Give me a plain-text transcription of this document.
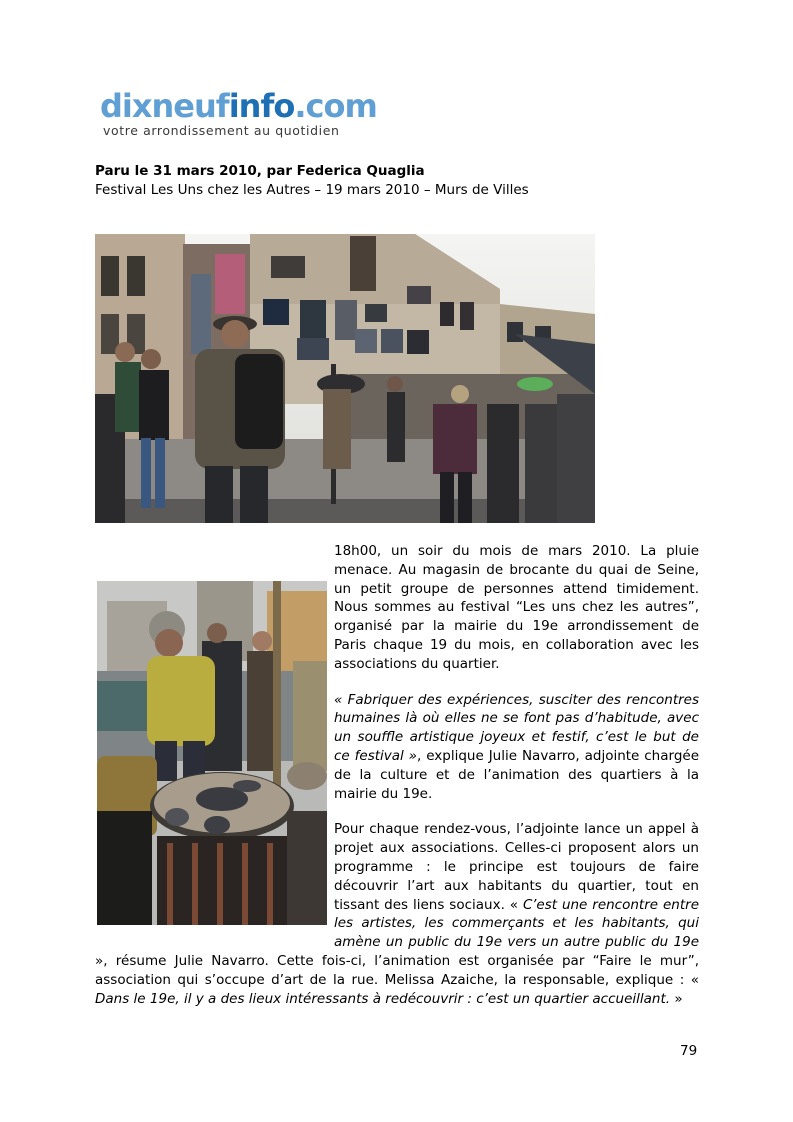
dixneufinfo.com
votre arrondissement au quotidien
Paru le 31 mars 2010, par Federica Quaglia
Festival Les Uns chez les Autres – 19 mars 2010 – Murs de Villes

18h00, un soir du mois de mars 2010. La pluie menace. Au magasin de brocante du quai de Seine, un petit groupe de personnes attend timidement. Nous sommes au festival “Les uns chez les autres”, organisé par la mairie du 19e arrondissement de Paris chaque 19 du mois, en collaboration avec les associations du quartier.

« Fabriquer des expériences, susciter des rencontres humaines là où elles ne se font pas d’habitude, avec un souffle artistique joyeux et festif, c’est le but de ce festival », explique Julie Navarro, adjointe chargée de la culture et de l’animation des quartiers à la mairie du 19e.

Pour chaque rendez-vous, l’adjointe lance un appel à projet aux associations. Celles-ci proposent alors un programme : le principe est toujours de faire découvrir l’art aux habitants du quartier, tout en tissant des liens sociaux. « C’est une rencontre entre les artistes, les commerçants et les habitants, qui amène un public du 19e vers un autre public du 19e », résume Julie Navarro. Cette fois-ci, l’animation est organisée par “Faire le mur”, association qui s’occupe d’art de la rue. Melissa Azaiche, la responsable, explique : « Dans le 19e, il y a des lieux intéressants à redécouvrir : c’est un quartier accueillant. »

79
